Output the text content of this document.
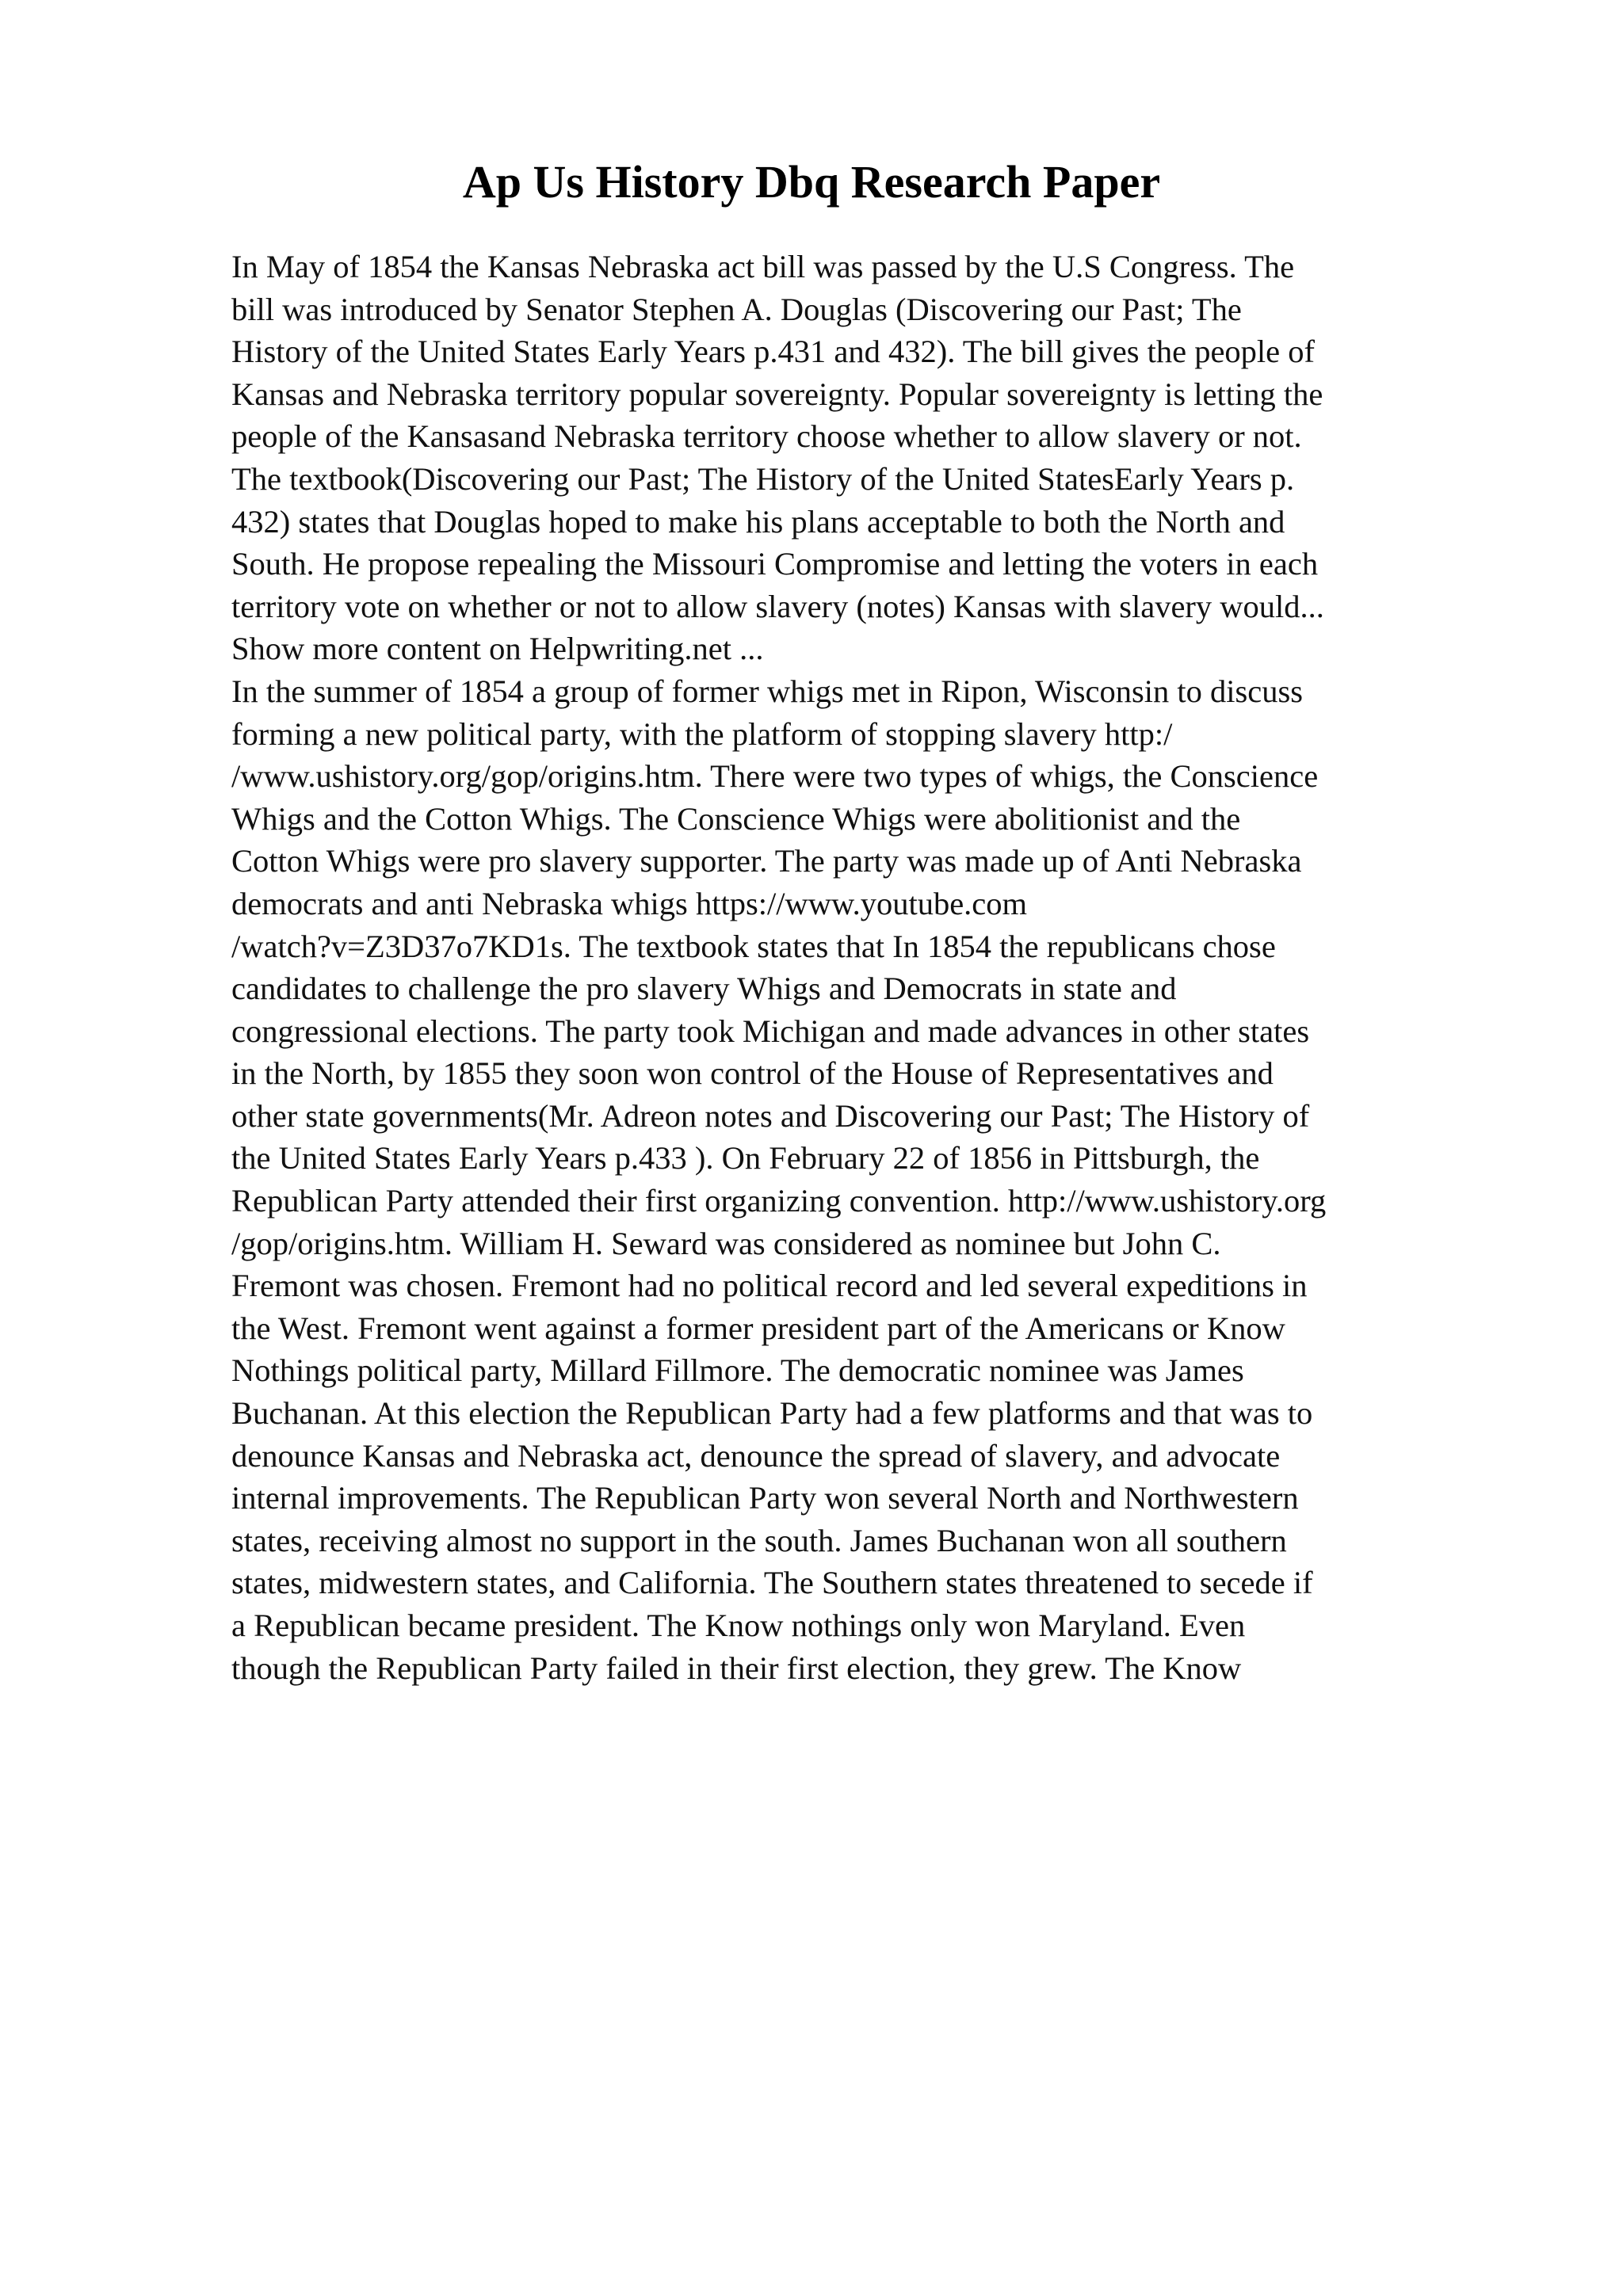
Ap Us History Dbq Research Paper
In May of 1854 the Kansas Nebraska act bill was passed by the U.S Congress. The
bill was introduced by Senator Stephen A. Douglas (Discovering our Past; The
History of the United States Early Years p.431 and 432). The bill gives the people of
Kansas and Nebraska territory popular sovereignty. Popular sovereignty is letting the
people of the Kansasand Nebraska territory choose whether to allow slavery or not.
The textbook(Discovering our Past; The History of the United StatesEarly Years p.
432) states that Douglas hoped to make his plans acceptable to both the North and
South. He propose repealing the Missouri Compromise and letting the voters in each
territory vote on whether or not to allow slavery (notes) Kansas with slavery would...
Show more content on Helpwriting.net ...
In the summer of 1854 a group of former whigs met in Ripon, Wisconsin to discuss
forming a new political party, with the platform of stopping slavery http:/
/www.ushistory.org/gop/origins.htm. There were two types of whigs, the Conscience
Whigs and the Cotton Whigs. The Conscience Whigs were abolitionist and the
Cotton Whigs were pro slavery supporter. The party was made up of Anti Nebraska
democrats and anti Nebraska whigs https://www.youtube.com
/watch?v=Z3D37o7KD1s. The textbook states that In 1854 the republicans chose
candidates to challenge the pro slavery Whigs and Democrats in state and
congressional elections. The party took Michigan and made advances in other states
in the North, by 1855 they soon won control of the House of Representatives and
other state governments(Mr. Adreon notes and Discovering our Past; The History of
the United States Early Years p.433 ). On February 22 of 1856 in Pittsburgh, the
Republican Party attended their first organizing convention. http://www.ushistory.org
/gop/origins.htm. William H. Seward was considered as nominee but John C.
Fremont was chosen. Fremont had no political record and led several expeditions in
the West. Fremont went against a former president part of the Americans or Know
Nothings political party, Millard Fillmore. The democratic nominee was James
Buchanan. At this election the Republican Party had a few platforms and that was to
denounce Kansas and Nebraska act, denounce the spread of slavery, and advocate
internal improvements. The Republican Party won several North and Northwestern
states, receiving almost no support in the south. James Buchanan won all southern
states, midwestern states, and California. The Southern states threatened to secede if
a Republican became president. The Know nothings only won Maryland. Even
though the Republican Party failed in their first election, they grew. The Know
